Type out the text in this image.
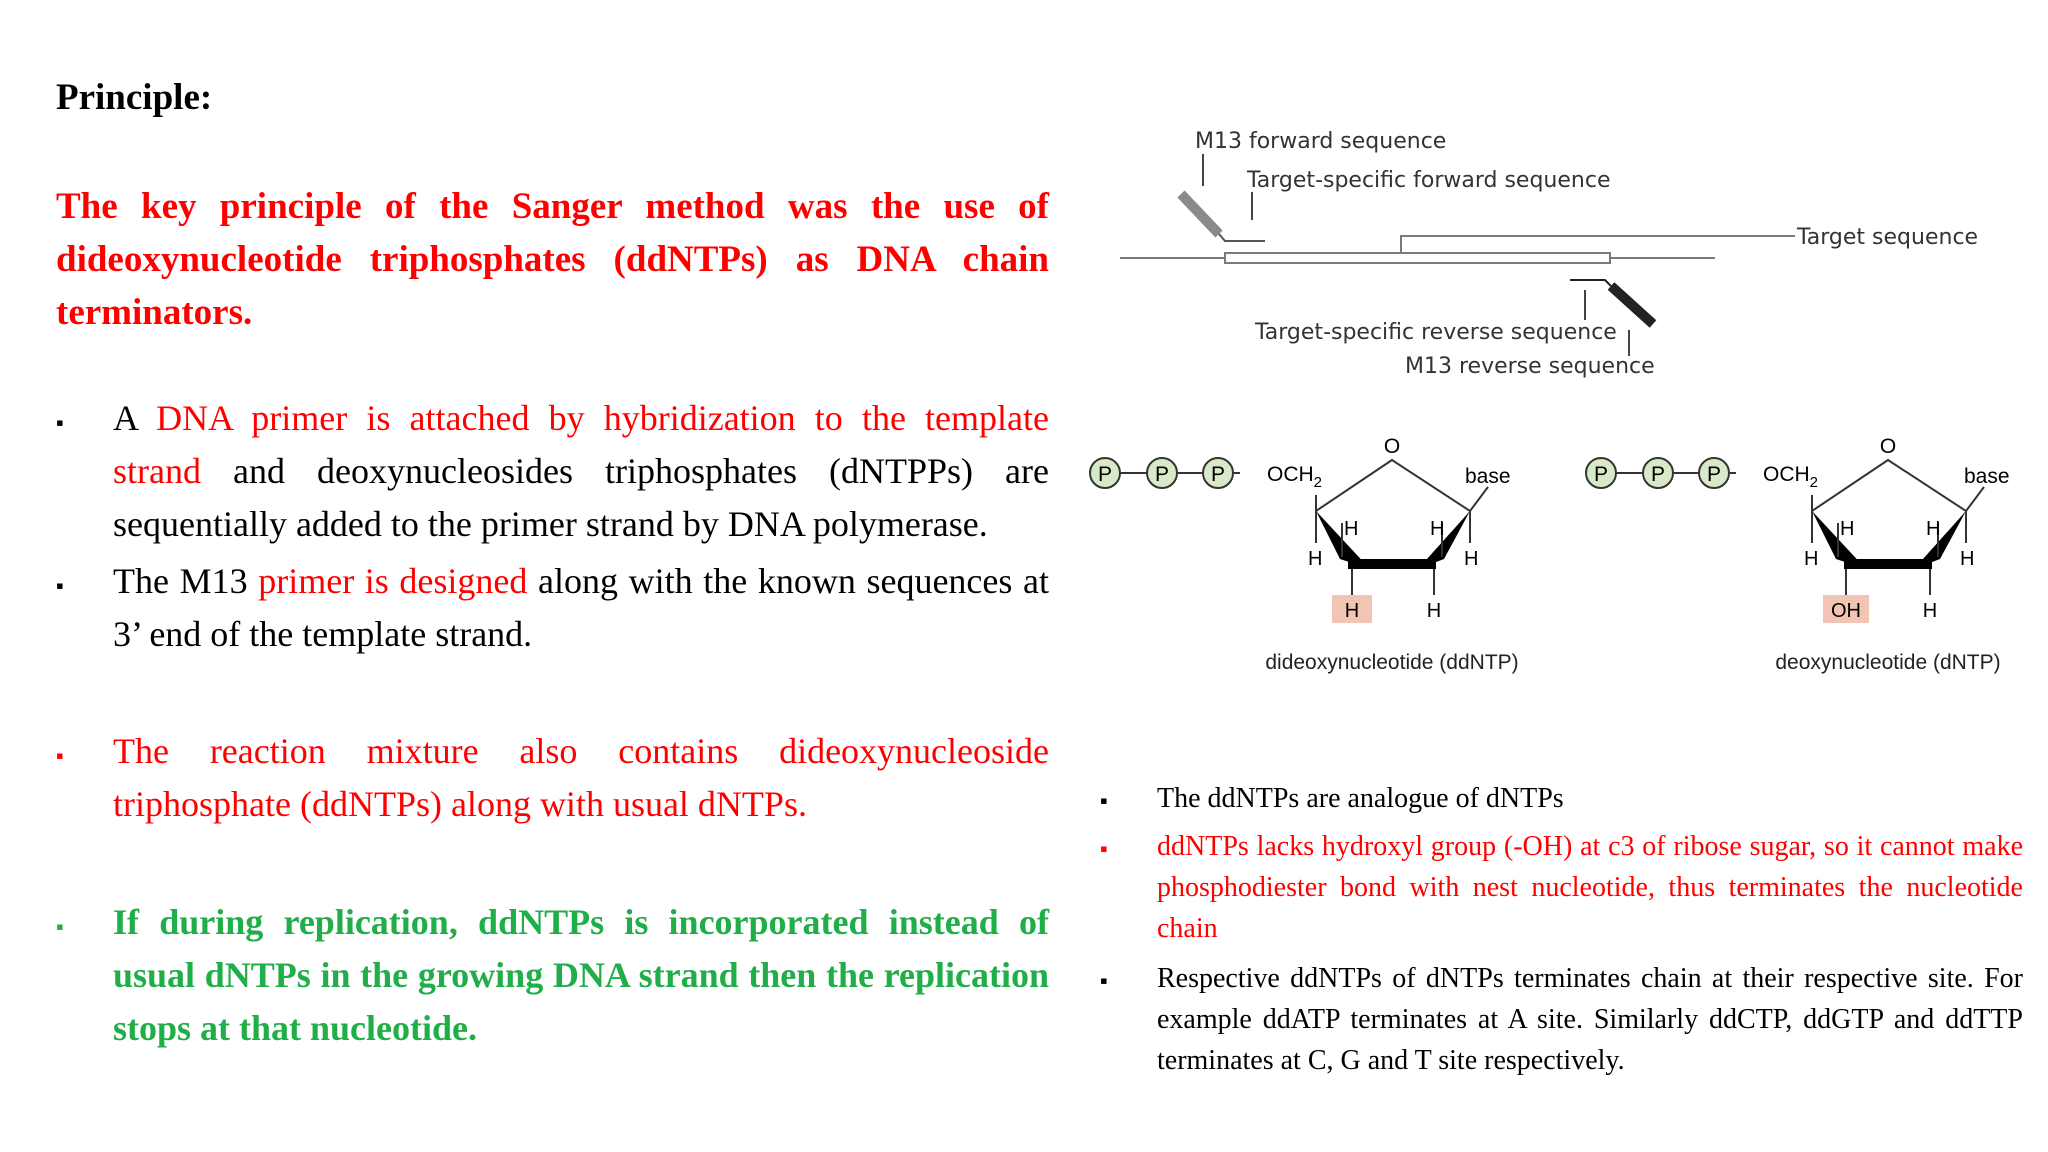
Principle:
The key principle of the Sanger method was the use of dideoxynucleotide triphosphates (ddNTPs) as DNA chain terminators.
▪ A DNA primer is attached by hybridization to the template strand and deoxynucleosides triphosphates (dNTPPs) are sequentially added to the primer strand by DNA polymerase.
▪ The M13 primer is designed along with the known sequences at 3’ end of the template strand.
▪ The reaction mixture also contains dideoxynucleoside triphosphate (ddNTPs) along with usual dNTPs.
▪ If during replication, ddNTPs is incorporated instead of usual dNTPs in the growing DNA strand then the replication stops at that nucleotide.
M13 forward sequence
Target-specific forward sequence
Target sequence
Target-specific reverse sequence
M13 reverse sequence
P P P $OCH_2$
O
base
H
H	H
H
H	H
dideoxynucleotide (ddNTP)
P P P $OCH_2$
O
base
H
H	H
H
OH	H
deoxynucleotide (dNTP)
▪ The ddNTPs are analogue of dNTPs
▪ ddNTPs lacks hydroxyl group (-OH) at c3 of ribose sugar, so it cannot make phosphodiester bond with nest nucleotide, thus terminates the nucleotide chain
▪ Respective ddNTPs of dNTPs terminates chain at their respective site. For example ddATP terminates at A site. Similarly ddCTP, ddGTP and ddTTP terminates at C, G and T site respectively.
